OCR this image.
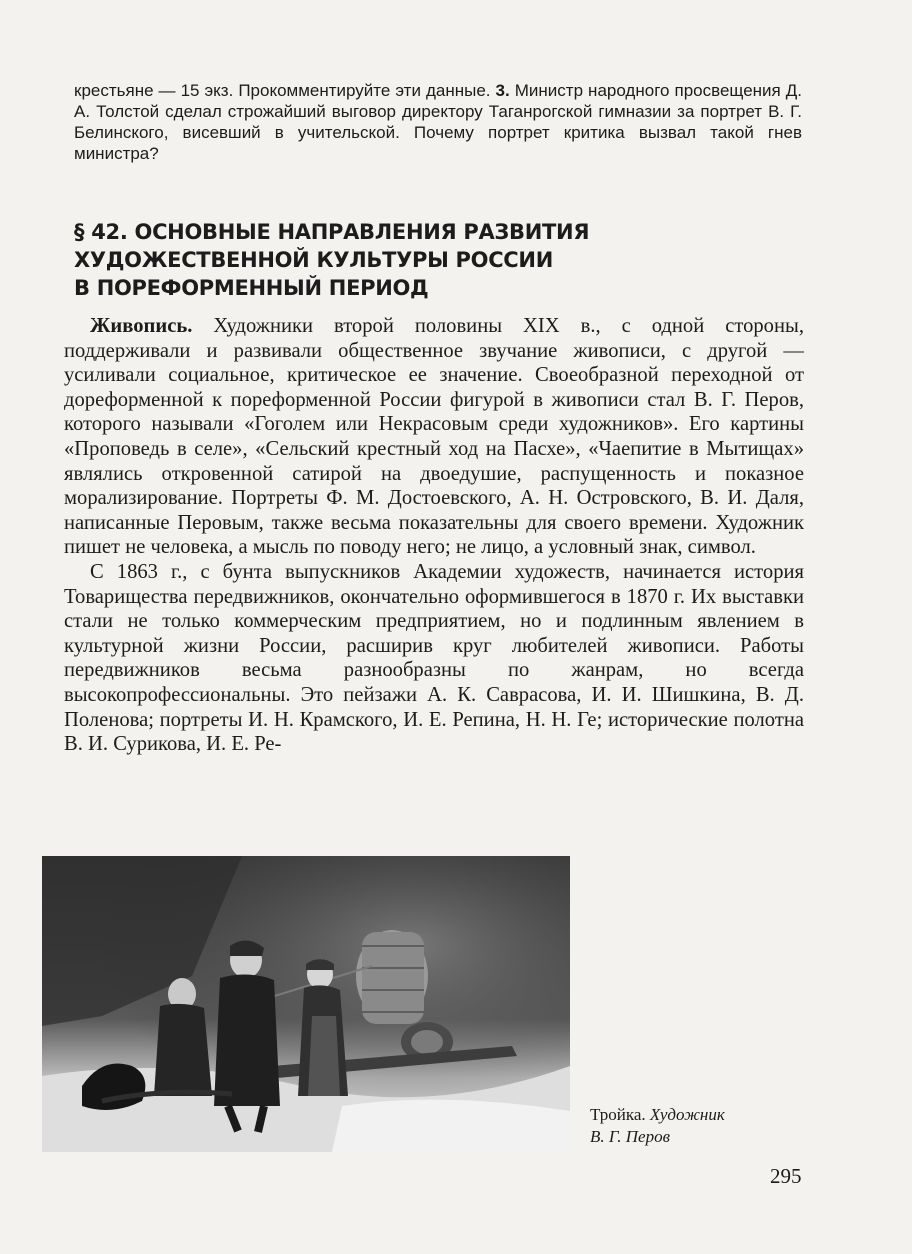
крестьяне — 15 экз. Прокомментируйте эти данные. 3. Министр народного просвещения Д. А. Толстой сделал строжайший выговор директору Таганрогской гимназии за портрет В. Г. Белинского, висевший в учительской. Почему портрет критика вызвал такой гнев министра?
§ 42. ОСНОВНЫЕ НАПРАВЛЕНИЯ РАЗВИТИЯ
ХУДОЖЕСТВЕННОЙ КУЛЬТУРЫ РОССИИ
В ПОРЕФОРМЕННЫЙ ПЕРИОД

Живопись. Художники второй половины XIX в., с одной стороны, поддерживали и развивали общественное звучание живописи, с другой — усиливали социальное, критическое ее значение. Своеобразной переходной от дореформенной к пореформенной России фигурой в живописи стал В. Г. Перов, которого называли «Гоголем или Некрасовым среди художников». Его картины «Проповедь в селе», «Сельский крестный ход на Пасхе», «Чаепитие в Мытищах» являлись откровенной сатирой на двоедушие, распущенность и показное морализирование. Портреты Ф. М. Достоевского, А. Н. Островского, В. И. Даля, написанные Перовым, также весьма показательны для своего времени. Художник пишет не человека, а мысль по поводу него; не лицо, а условный знак, символ.

С 1863 г., с бунта выпускников Академии художеств, начинается история Товарищества передвижников, окончательно оформившегося в 1870 г. Их выставки стали не только коммерческим предприятием, но и подлинным явлением в культурной жизни России, расширив круг любителей живописи. Работы передвижников весьма разнообразны по жанрам, но всегда высокопрофессиональны. Это пейзажи А. К. Саврасова, И. И. Шишкина, В. Д. Поленова; портреты И. Н. Крамского, И. Е. Репина, Н. Н. Ге; исторические полотна В. И. Сурикова, И. Е. Ре-

Тройка. Художник
В. Г. Перов
295
